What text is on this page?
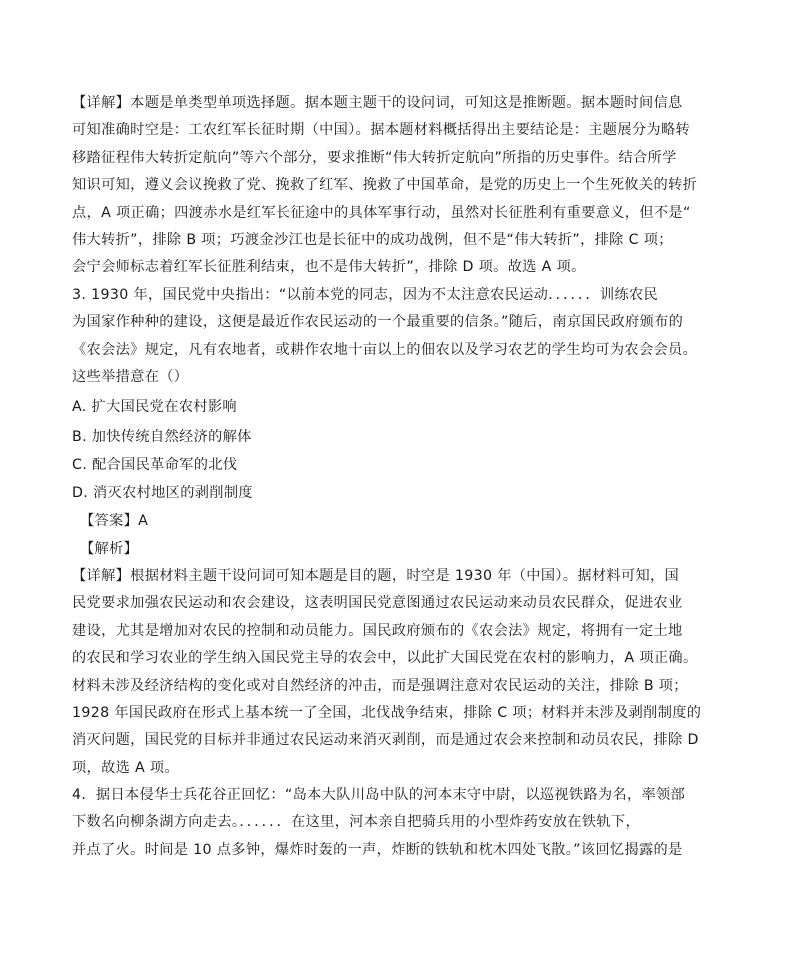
【详解】本题是单类型单项选择题。据本题主题干的设问词，可知这是推断题。据本题时间信息
可知准确时空是：工农红军长征时期（中国）。据本题材料概括得出主要结论是：主题展分为略转
移踏征程伟大转折定航向”等六个部分，要求推断“伟大转折定航向”所指的历史事件。结合所学
知识可知，遵义会议挽救了党、挽救了红军、挽救了中国革命，是党的历史上一个生死攸关的转折
点，A 项正确；四渡赤水是红军长征途中的具体军事行动，虽然对长征胜利有重要意义，但不是“
伟大转折”，排除 B 项；巧渡金沙江也是长征中的成功战例，但不是“伟大转折”，排除 C 项；
会宁会师标志着红军长征胜利结束，也不是伟大转折”，排除 D 项。故选 A 项。
3. 1930 年，国民党中央指出：“以前本党的同志，因为不太注意农民运动．．．．．．训练农民
为国家作种种的建设，这便是最近作农民运动的一个最重要的信条。”随后，南京国民政府颁布的
《农会法》规定，凡有农地者，或耕作农地十亩以上的佃农以及学习农艺的学生均可为农会会员。
这些举措意在（）
A. 扩大国民党在农村影响
B. 加快传统自然经济的解体
C. 配合国民革命军的北伐
D. 消灭农村地区的剥削制度
【答案】A
【解析】
【详解】根据材料主题干设问词可知本题是目的题，时空是 1930 年（中国）。据材料可知，国
民党要求加强农民运动和农会建设，这表明国民党意图通过农民运动来动员农民群众，促进农业
建设，尤其是增加对农民的控制和动员能力。国民政府颁布的《农会法》规定，将拥有一定土地
的农民和学习农业的学生纳入国民党主导的农会中，以此扩大国民党在农村的影响力，A 项正确。
材料未涉及经济结构的变化或对自然经济的冲击，而是强调注意对农民运动的关注，排除 B 项；
1928 年国民政府在形式上基本统一了全国，北伐战争结束，排除 C 项；材料并未涉及剥削制度的
消灭问题，国民党的目标并非通过农民运动来消灭剥削，而是通过农会来控制和动员农民，排除 D
项，故选 A 项。
4．据日本侵华士兵花谷正回忆：“岛本大队川岛中队的河本末守中尉，以巡视铁路为名，率领部
下数名向柳条湖方向走去。．．．．．．在这里，河本亲自把骑兵用的小型炸药安放在铁轨下，
并点了火。时间是 10 点多钟，爆炸时轰的一声，炸断的铁轨和枕木四处飞散。”该回忆揭露的是
